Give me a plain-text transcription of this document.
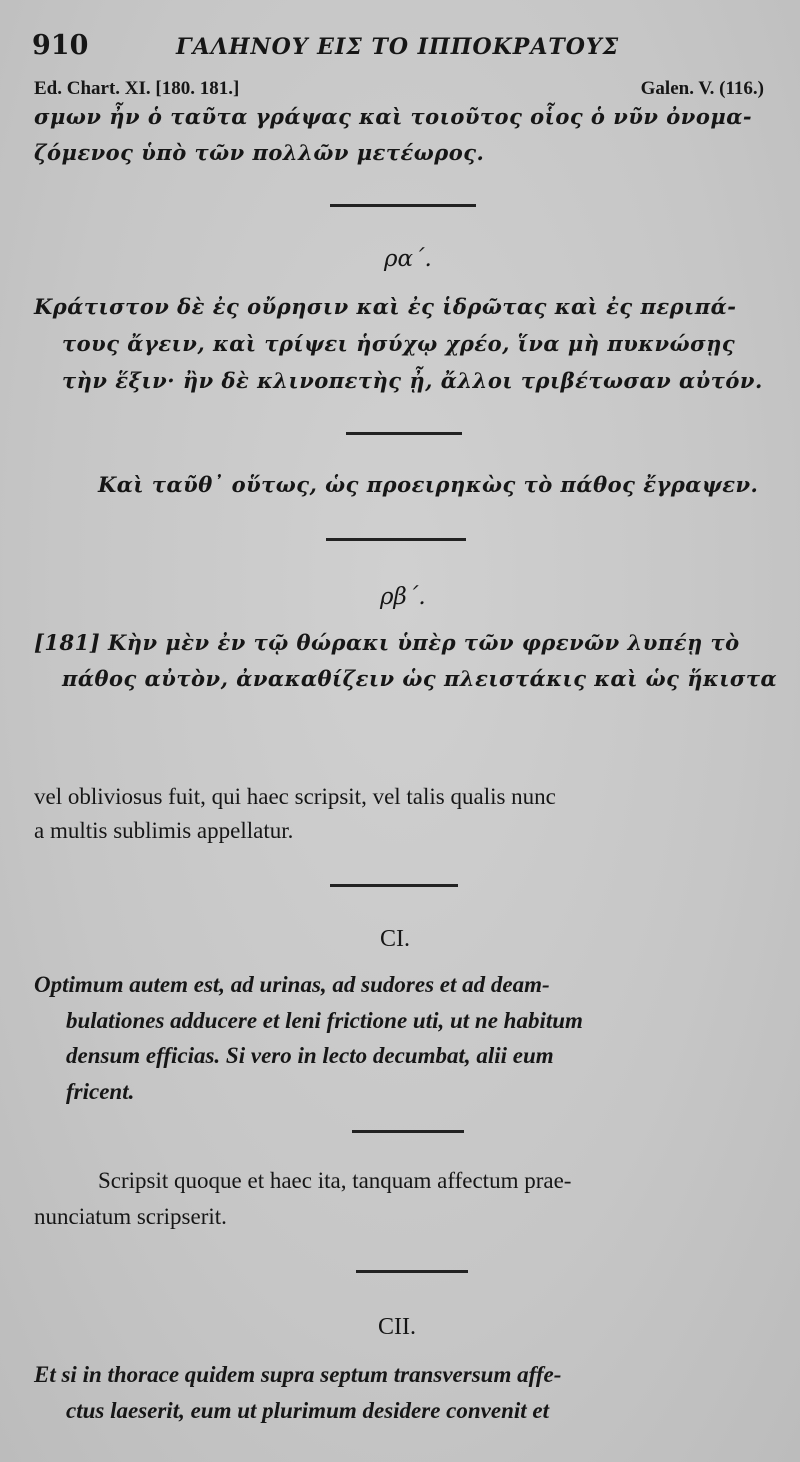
910	ΓΑΛΗΝΟΥ ΕΙΣ ΤΟ ΙΠΠΟΚΡΑΤΟΥΣ
Ed. Chart. XI. [180. 181.]	Galen. V. (116.)
σμων ἦν ὁ ταῦτα γράψας καὶ τοιοῦτος οἷος ὁ νῦν ὀνομα-
ζόμενος ὑπὸ τῶν πολλῶν μετέωρος.
ρα΄.
Κράτιστον δὲ ἐς οὔρησιν καὶ ἐς ἱδρῶτας καὶ ἐς περιπά-
τους ἄγειν, καὶ τρίψει ἡσύχῳ χρέο, ἵνα μὴ πυκνώσῃς
τὴν ἕξιν· ἢν δὲ κλινοπετὴς ᾖ, ἄλλοι τριβέτωσαν αὐτόν.
Καὶ ταῦθ᾿ οὕτως, ὡς προειρηκὼς τὸ πάθος ἔγραψεν.
ρβ΄.
[181] Κὴν μὲν ἐν τῷ θώρακι ὑπὲρ τῶν φρενῶν λυπέῃ τὸ
πάθος αὐτὸν, ἀνακαθίζειν ὡς πλειστάκις καὶ ὡς ἥκιστα
vel obliviosus fuit, qui haec scripsit, vel talis qualis nunc
a multis sublimis appellatur.
CI.
Optimum autem est, ad urinas, ad sudores et ad deam-
bulationes adducere et leni frictione uti, ut ne habitum
densum efficias. Si vero in lecto decumbat, alii eum
fricent.
Scripsit quoque et haec ita, tanquam affectum prae-
nunciatum scripserit.
CII.
Et si in thorace quidem supra septum transversum affe-
ctus laeserit, eum ut plurimum desidere convenit et
